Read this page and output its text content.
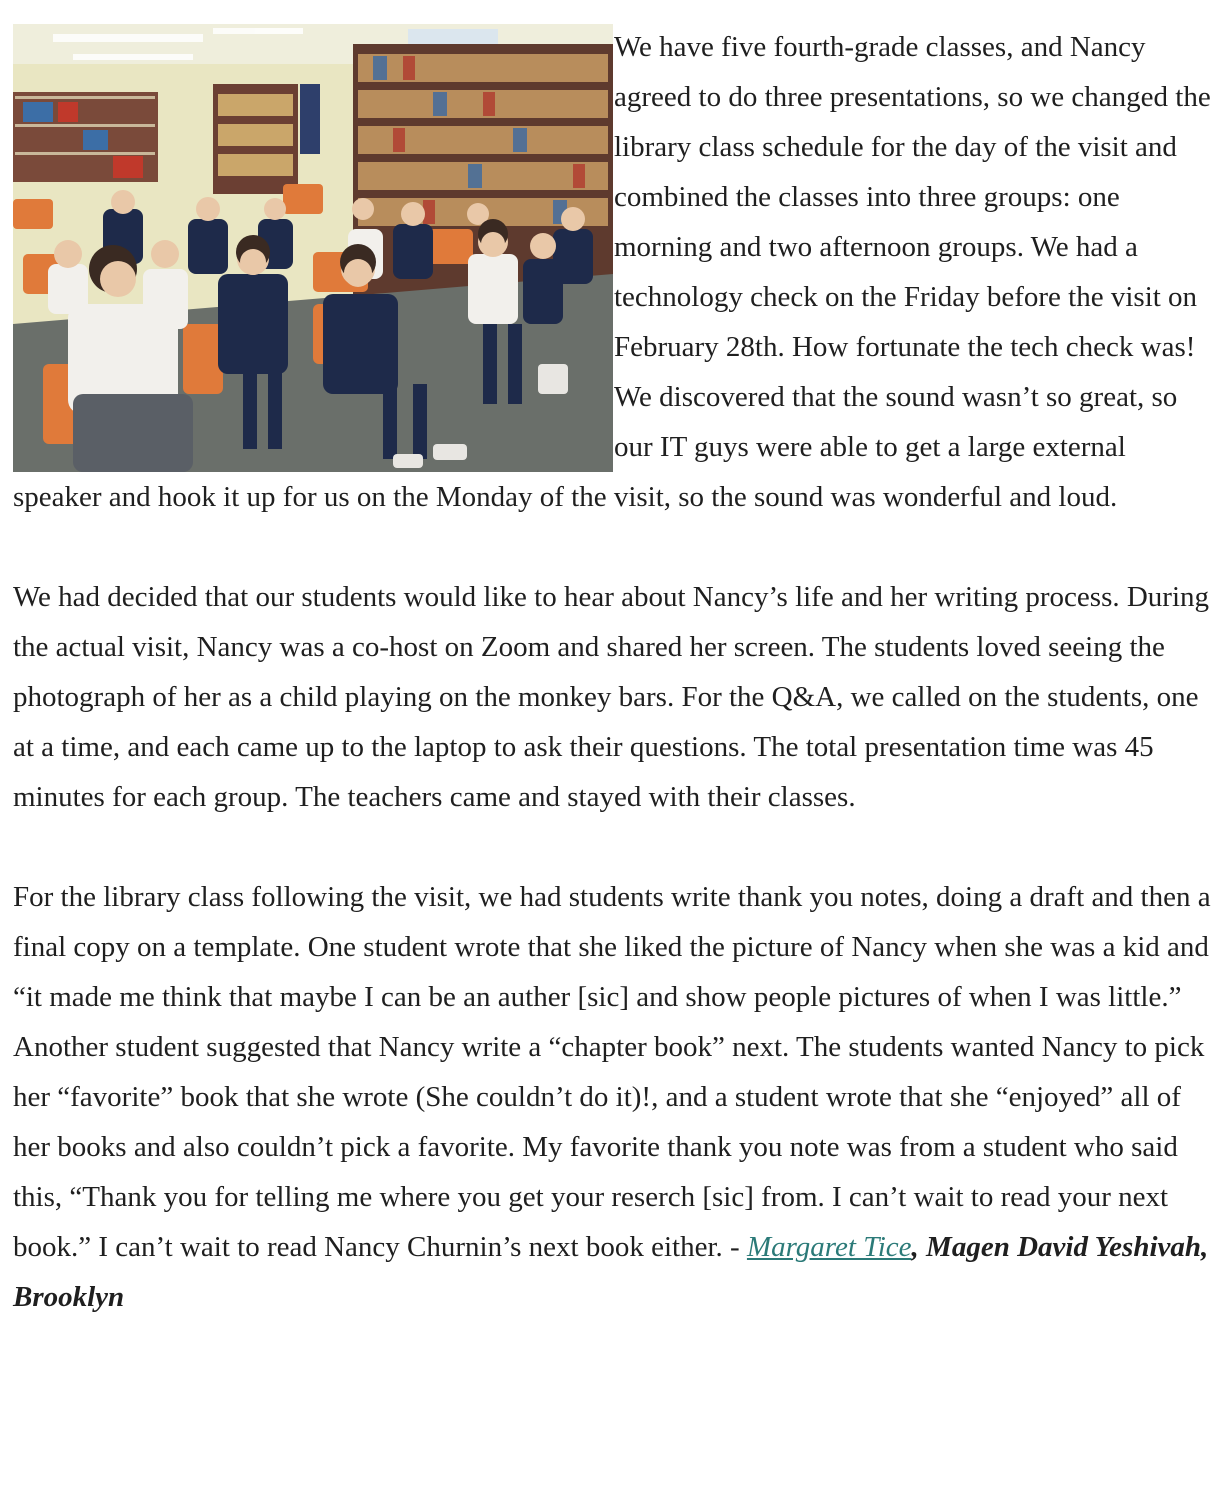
We have five fourth-grade classes, and Nancy agreed to do three presentations, so we changed the library class schedule for the day of the visit and combined the classes into three groups: one morning and two afternoon groups. We had a technology check on the Friday before the visit on February 28th. How fortunate the tech check was! We discovered that the sound wasn’t so great, so our IT guys were able to get a large external speaker and hook it up for us on the Monday of the visit, so the sound was wonderful and loud.

We had decided that our students would like to hear about Nancy’s life and her writing process. During the actual visit, Nancy was a co-host on Zoom and shared her screen. The students loved seeing the photograph of her as a child playing on the monkey bars. For the Q&A, we called on the students, one at a time, and each came up to the laptop to ask their questions. The total presentation time was 45 minutes for each group. The teachers came and stayed with their classes.

For the library class following the visit, we had students write thank you notes, doing a draft and then a final copy on a template. One student wrote that she liked the picture of Nancy when she was a kid and “it made me think that maybe I can be an auther [sic] and show people pictures of when I was little.” Another student suggested that Nancy write a “chapter book” next. The students wanted Nancy to pick her “favorite” book that she wrote (She couldn’t do it)!, and a student wrote that she “enjoyed” all of her books and also couldn’t pick a favorite. My favorite thank you note was from a student who said this, “Thank you for telling me where you get your reserch [sic] from. I can’t wait to read your next book.” I can’t wait to read Nancy Churnin’s next book either. - Margaret Tice, Magen David Yeshivah, Brooklyn
